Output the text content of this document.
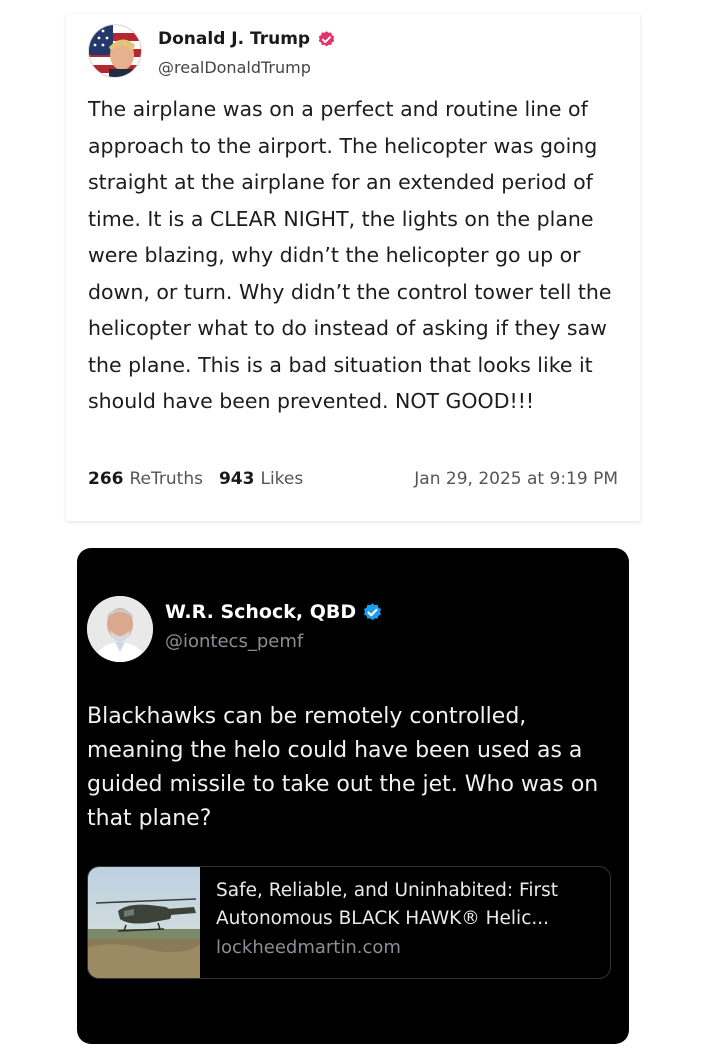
Donald J. Trump
@realDonaldTrump
The airplane was on a perfect and routine line of approach to the airport. The helicopter was going straight at the airplane for an extended period of time. It is a CLEAR NIGHT, the lights on the plane were blazing, why didn’t the helicopter go up or down, or turn. Why didn’t the control tower tell the helicopter what to do instead of asking if they saw the plane. This is a bad situation that looks like it should have been prevented. NOT GOOD!!!
266 ReTruths 943 Likes	Jan 29, 2025 at 9:19 PM
W.R. Schock, QBD
@iontecs_pemf
Blackhawks can be remotely controlled, meaning the helo could have been used as a guided missile to take out the jet. Who was on that plane?
Safe, Reliable, and Uninhabited: First
Autonomous BLACK HAWK® Helic...
lockheedmartin.com
